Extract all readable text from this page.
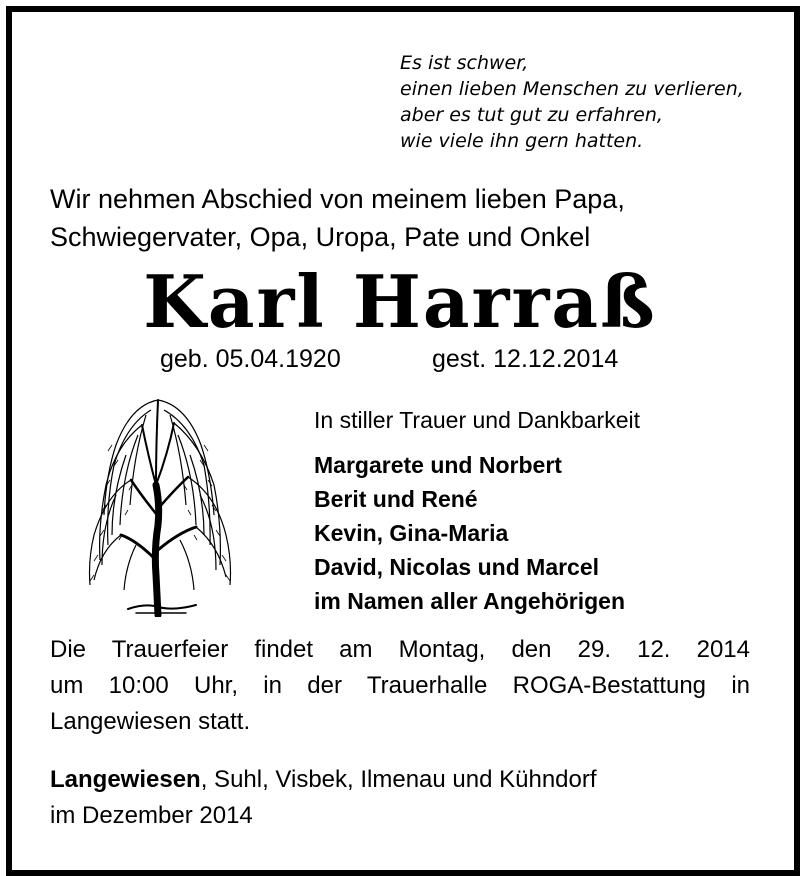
Es ist schwer,
einen lieben Menschen zu verlieren,
aber es tut gut zu erfahren,
wie viele ihn gern hatten.
Wir nehmen Abschied von meinem lieben Papa,
Schwiegervater, Opa, Uropa, Pate und Onkel
Karl Harraß
geb. 05.04.1920	gest. 12.12.2014
In stiller Trauer und Dankbarkeit
Margarete und Norbert
Berit und René
Kevin, Gina-Maria
David, Nicolas und Marcel
im Namen aller Angehörigen
Die Trauerfeier findet am Montag, den 29. 12. 2014
um 10:00 Uhr, in der Trauerhalle ROGA-Bestattung in
Langewiesen statt.
Langewiesen, Suhl, Visbek, Ilmenau und Kühndorf
im Dezember 2014
